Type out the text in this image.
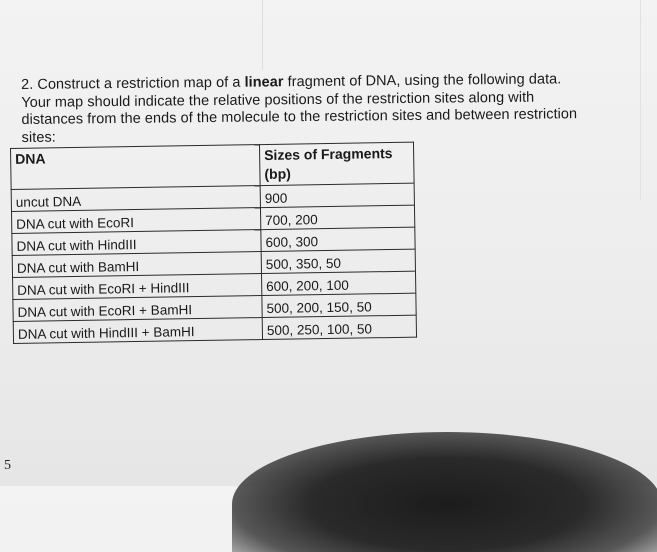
2. Construct a restriction map of a linear fragment of DNA, using the following data.

Your map should indicate the relative positions of the restriction sites along with

distances from the ends of the molecule to the restriction sites and between restriction

sites:

DNA	Sizes of Fragments (bp)
uncut DNA	900
DNA cut with EcoRI	700, 200
DNA cut with HindIII	600, 300
DNA cut with BamHI	500, 350, 50
DNA cut with EcoRI + HindIII	600, 200, 100
DNA cut with EcoRI + BamHI	500, 200, 150, 50
DNA cut with HindIII + BamHI	500, 250, 100, 50
5
